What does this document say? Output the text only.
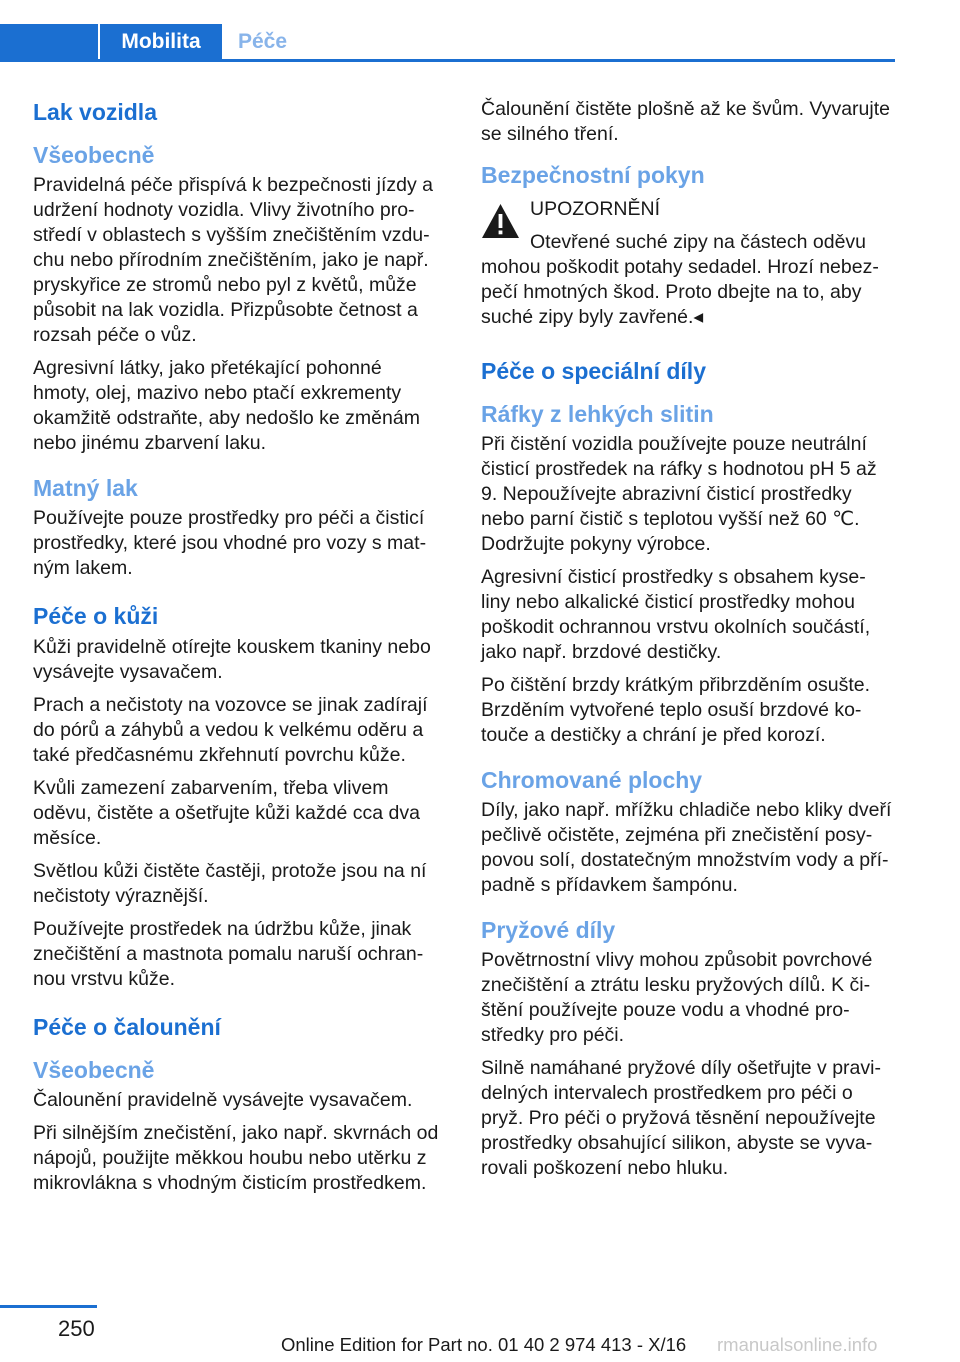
Mobilita	Péče
Lak vozidla
Všeobecně

Pravidelná péče přispívá k bezpečnosti jízdy a udržení hodnoty vozidla. Vlivy životního pro‐ středí v oblastech s vyšším znečištěním vzdu‐ chu nebo přírodním znečištěním, jako je např. pryskyřice ze stromů nebo pyl z květů, může působit na lak vozidla. Přizpůsobte četnost a rozsah péče o vůz.

Agresivní látky, jako přetékající pohonné hmoty, olej, mazivo nebo ptačí exkrementy okamžitě odstraňte, aby nedošlo ke změnám nebo jinému zbarvení laku.

Matný lak

Používejte pouze prostředky pro péči a čisticí prostředky, které jsou vhodné pro vozy s mat‐ ným lakem.

Péče o kůži

Kůži pravidelně otírejte kouskem tkaniny nebo vysávejte vysavačem.

Prach a nečistoty na vozovce se jinak zadírají do pórů a záhybů a vedou k velkému oděru a také předčasnému zkřehnutí povrchu kůže.

Kvůli zamezení zabarvením, třeba vlivem oděvu, čistěte a ošetřujte kůži každé cca dva měsíce.

Světlou kůži čistěte častěji, protože jsou na ní nečistoty výraznější.

Používejte prostředek na údržbu kůže, jinak znečištění a mastnota pomalu naruší ochran‐ nou vrstvu kůže.

Péče o čalounění
Všeobecně

Čalounění pravidelně vysávejte vysavačem.

Při silnějším znečistění, jako např. skvrnách od nápojů, použijte měkkou houbu nebo utěrku z mikrovlákna s vhodným čisticím prostředkem.

Čalounění čistěte plošně až ke švům. Vyvarujte se silného tření.

Bezpečnostní pokyn
UPOZORNĚNÍ

Otevřené suché zipy na částech oděvu mohou poškodit potahy sedadel. Hrozí nebez‐ pečí hmotných škod. Proto dbejte na to, aby suché zipy byly zavřené.◂

Péče o speciální díly
Ráfky z lehkých slitin

Při čistění vozidla používejte pouze neutrální čisticí prostředek na ráfky s hodnotou pH 5 až 9. Nepoužívejte abrazivní čisticí prostředky nebo parní čistič s teplotou vyšší než 60 ℃. Dodržujte pokyny výrobce.

Agresivní čisticí prostředky s obsahem kyse‐ liny nebo alkalické čisticí prostředky mohou poškodit ochrannou vrstvu okolních součástí, jako např. brzdové destičky.

Po čištění brzdy krátkým přibrzděním osušte. Brzděním vytvořené teplo osuší brzdové ko‐ touče a destičky a chrání je před korozí.

Chromované plochy

Díly, jako např. mřížku chladiče nebo kliky dveří pečlivě očistěte, zejména při znečistění posy‐ povou solí, dostatečným množstvím vody a pří‐ padně s přídavkem šampónu.

Pryžové díly

Povětrnostní vlivy mohou způsobit povrchové znečištění a ztrátu lesku pryžových dílů. K či‐ štění používejte pouze vodu a vhodné pro‐ středky pro péči.

Silně namáhané pryžové díly ošetřujte v pravi‐ delných intervalech prostředkem pro péči o pryž. Pro péči o pryžová těsnění nepoužívejte prostředky obsahující silikon, abyste se vyva‐ rovali poškození nebo hluku.

250
Online Edition for Part no. 01 40 2 974 413 - X/16 rmanualsonline.info
